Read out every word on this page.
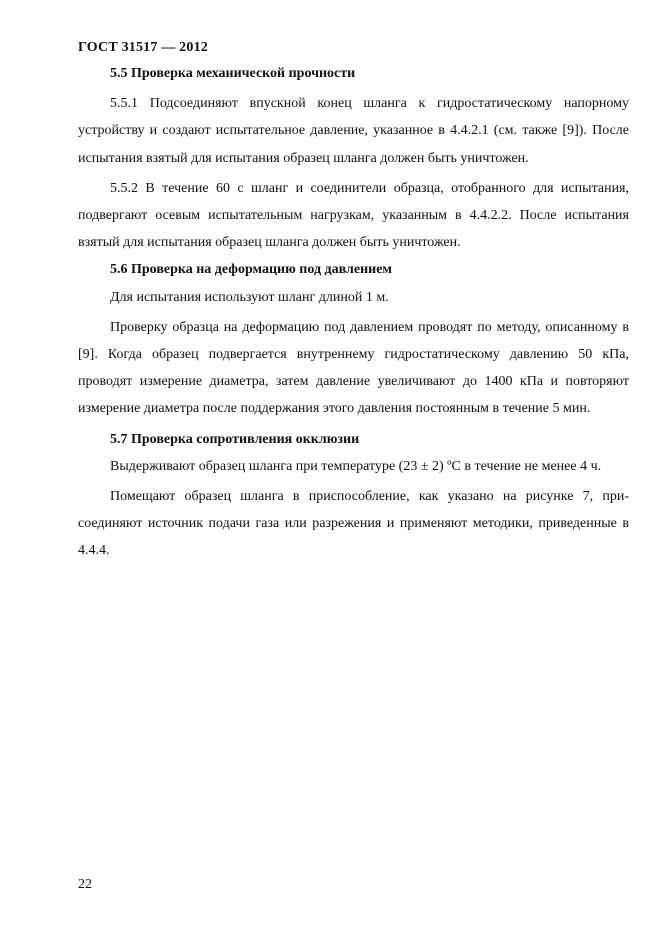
ГОСТ 31517 — 2012

5.5 Проверка механической прочности

5.5.1 Подсоединяют впускной конец шланга к гидростатическому напорному устройству и создают испытательное давление, указанное в 4.4.2.1 (см. также [9]). После испытания взятый для испытания образец шланга должен быть уничтожен.

5.5.2 В течение 60 с шланг и соединители образца, отобранного для испытания, подвергают осевым испытательным нагрузкам, указанным в 4.4.2.2. После испытания взятый для испытания образец шланга должен быть уничтожен.

5.6 Проверка на деформацию под давлением

Для испытания используют шланг длиной 1 м.

Проверку образца на деформацию под давлением проводят по методу, описанному в [9]. Когда образец подвергается внутреннему гидростатическому давлению 50 кПа, проводят измерение диаметра, затем давление увеличивают до 1400 кПа и повторяют измерение диаметра после поддержания этого давления постоянным в течение 5 мин.

5.7 Проверка сопротивления окклюзии

Выдерживают образец шланга при температуре (23 ± 2) ºС в течение не менее 4 ч.

Помещают образец шланга в приспособление, как указано на рисунке 7, присоединяют источник подачи газа или разрежения и применяют методики, приведенные в 4.4.4.

22
